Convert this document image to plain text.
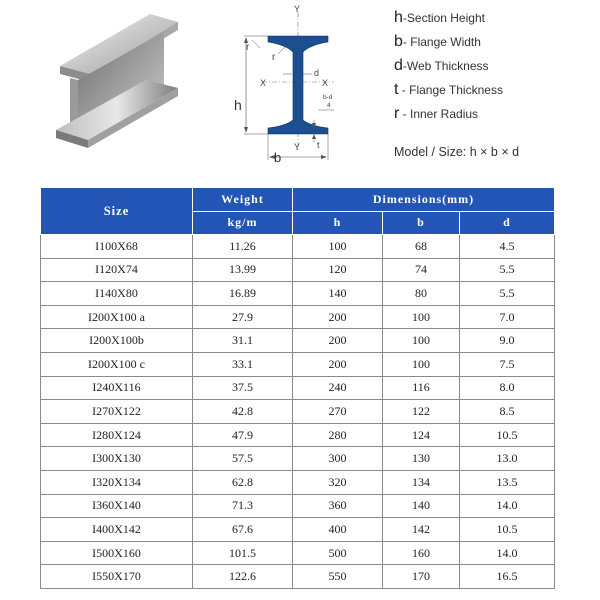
Y
Y
X	X
h
b
d
t
r
r
b-d
4
h-Section Height
b- Flange Width
d-Web Thickness
t - Flange Thickness
r - Inner Radius
Model / Size: h × b × d
Size	Weight	Dimensions(mm)		
	kg/m	h	b	d
I100X68	11.26	100	68	4.5
I120X74	13.99	120	74	5.5
I140X80	16.89	140	80	5.5
I200X100 a	27.9	200	100	7.0
I200X100b	31.1	200	100	9.0
I200X100 c	33.1	200	100	7.5
I240X116	37.5	240	116	8.0
I270X122	42.8	270	122	8.5
I280X124	47.9	280	124	10.5
I300X130	57.5	300	130	13.0
I320X134	62.8	320	134	13.5
I360X140	71.3	360	140	14.0
I400X142	67.6	400	142	10.5
I500X160	101.5	500	160	14.0
I550X170	122.6	550	170	16.5
